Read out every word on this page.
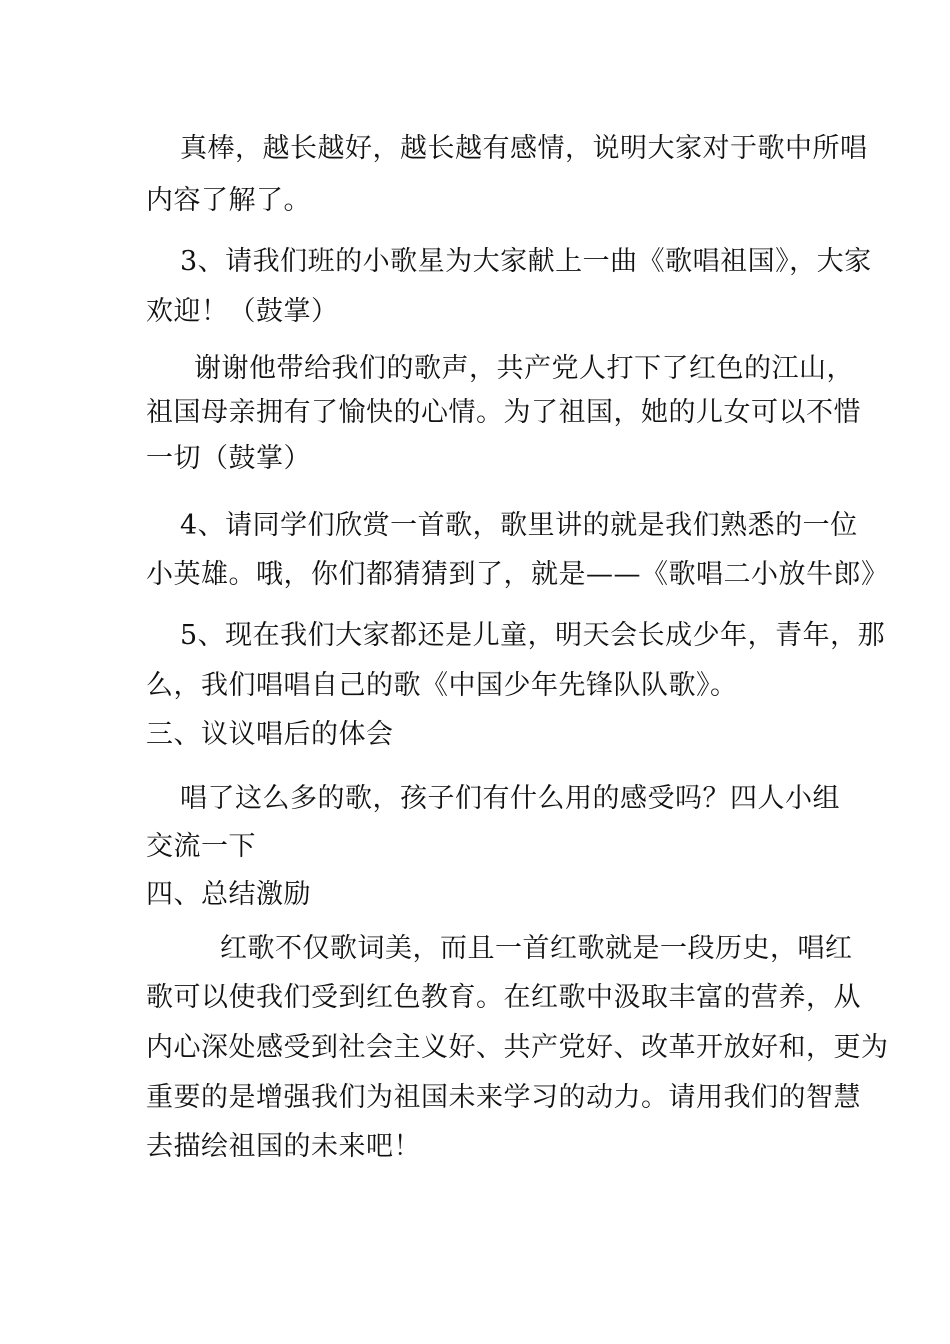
真棒，越长越好，越长越有感情，说明大家对于歌中所唱
内容了解了。
3、请我们班的小歌星为大家献上一曲《歌唱祖国》，大家
欢迎！（鼓掌）
谢谢他带给我们的歌声，共产党人打下了红色的江山，
祖国母亲拥有了愉快的心情。为了祖国，她的儿女可以不惜
一切（鼓掌）
4、请同学们欣赏一首歌，歌里讲的就是我们熟悉的一位
小英雄。哦，你们都猜猜到了，就是——《歌唱二小放牛郎》
5、现在我们大家都还是儿童，明天会长成少年，青年，那
么，我们唱唱自己的歌《中国少年先锋队队歌》。
三、议议唱后的体会
唱了这么多的歌，孩子们有什么用的感受吗？四人小组
交流一下
四、总结激励
红歌不仅歌词美，而且一首红歌就是一段历史，唱红
歌可以使我们受到红色教育。在红歌中汲取丰富的营养，从
内心深处感受到社会主义好、共产党好、改革开放好和，更为
重要的是增强我们为祖国未来学习的动力。请用我们的智慧
去描绘祖国的未来吧！
